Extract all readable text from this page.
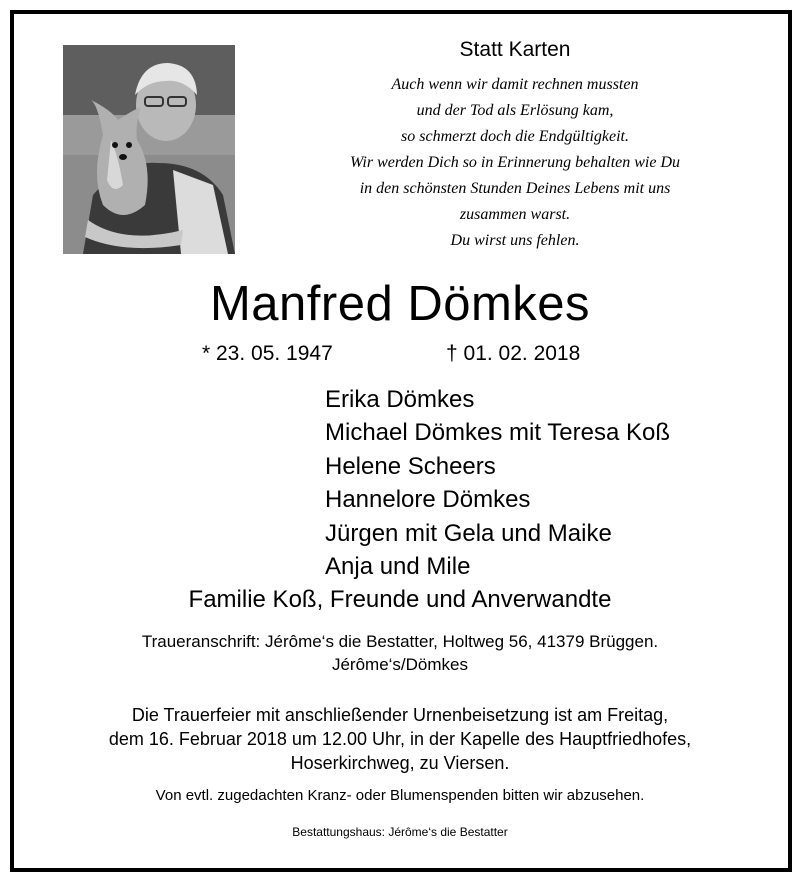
Statt Karten
Auch wenn wir damit rechnen mussten
und der Tod als Erlösung kam,
so schmerzt doch die Endgültigkeit.
Wir werden Dich so in Erinnerung behalten wie Du
in den schönsten Stunden Deines Lebens mit uns
zusammen warst.
Du wirst uns fehlen.
Manfred Dömkes
* 23. 05. 1947	† 01. 02. 2018
Erika Dömkes
Michael Dömkes mit Teresa Koß
Helene Scheers
Hannelore Dömkes
Jürgen mit Gela und Maike
Anja und Mile
Familie Koß, Freunde und Anverwandte
Traueranschrift: Jérôme‘s die Bestatter, Holtweg 56, 41379 Brüggen.
Jérôme‘s/Dömkes
Die Trauerfeier mit anschließender Urnenbeisetzung ist am Freitag,
dem 16. Februar 2018 um 12.00 Uhr, in der Kapelle des Hauptfriedhofes,
Hoserkirchweg, zu Viersen.
Von evtl. zugedachten Kranz- oder Blumenspenden bitten wir abzusehen.
Bestattungshaus: Jérôme‘s die Bestatter
